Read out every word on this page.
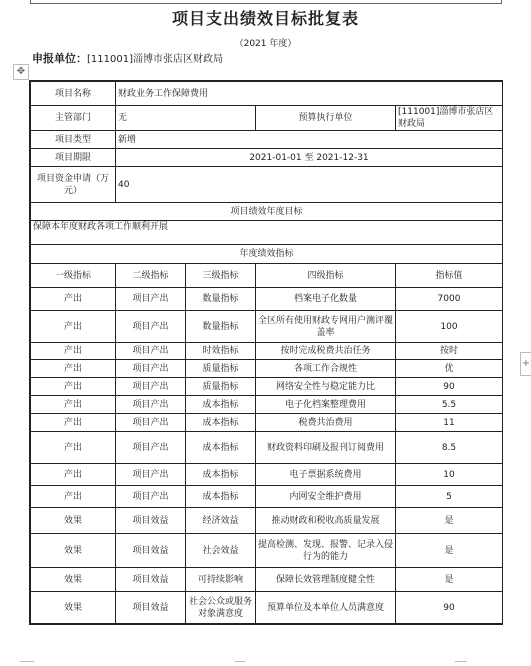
项目支出绩效目标批复表
（2021 年度）
申报单位：[111001]淄博市张店区财政局
✥
+
项目名称	财政业务工作保障费用			
主管部门	无		预算执行单位	[111001]淄博市张店区财政局
项目类型	新增			
项目期限	2021-01-01 至 2021-12-31			
项目资金申请（万元）	40			
项目绩效年度目标				
保障本年度财政各项工作顺利开展				
年度绩效指标				
一级指标	二级指标	三级指标	四级指标	指标值
产出	项目产出	数量指标	档案电子化数量	7000
产出	项目产出	数量指标	全区所有使用财政专网用户测评覆盖率	100
产出	项目产出	时效指标	按时完成税费共治任务	按时
产出	项目产出	质量指标	各项工作合规性	优
产出	项目产出	质量指标	网络安全性与稳定能力比	90
产出	项目产出	成本指标	电子化档案整理费用	5.5
产出	项目产出	成本指标	税费共治费用	11
产出	项目产出	成本指标	财政资料印刷及报刊订阅费用	8.5
产出	项目产出	成本指标	电子票据系统费用	10
产出	项目产出	成本指标	内网安全维护费用	5
效果	项目效益	经济效益	推动财政和税收高质量发展	是
效果	项目效益	社会效益	提高检测、发现、报警、记录入侵行为的能力	是
效果	项目效益	可持续影响	保障长效管理制度健全性	是
效果	项目效益	社会公众或服务对象满意度	预算单位及本单位人员满意度	90
